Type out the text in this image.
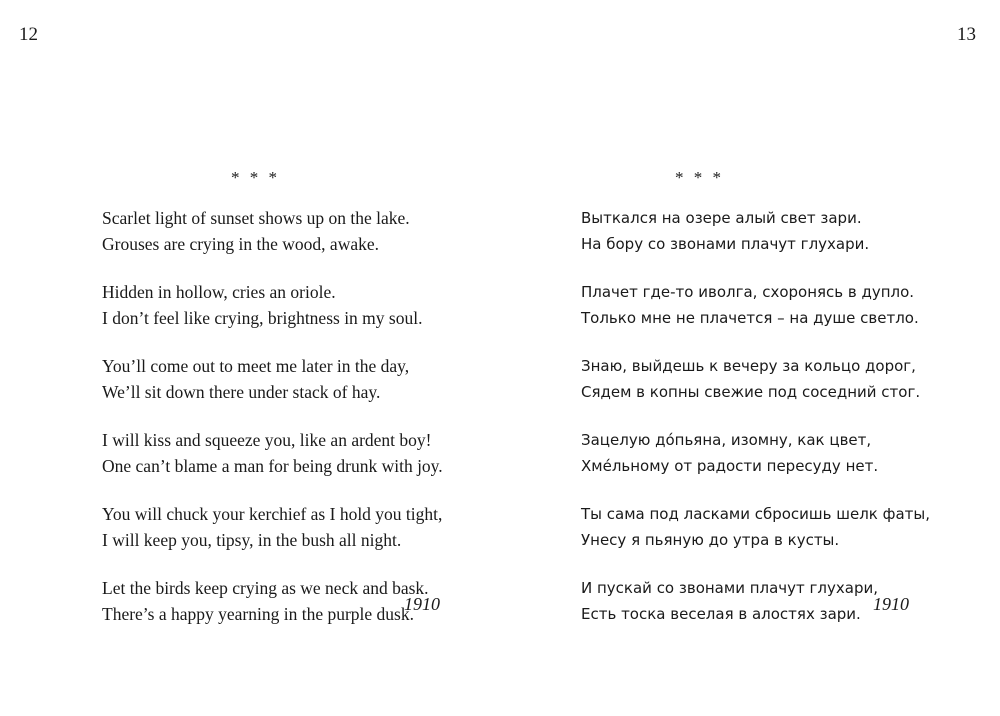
12
* * *
Scarlet light of sunset shows up on the lake.
Grouses are crying in the wood, awake.
Hidden in hollow, cries an oriole.
I don’t feel like crying, brightness in my soul.
You’ll come out to meet me later in the day,
We’ll sit down there under stack of hay.
I will kiss and squeeze you, like an ardent boy!
One can’t blame a man for being drunk with joy.
You will chuck your kerchief as I hold you tight,
I will keep you, tipsy, in the bush all night.
Let the birds keep crying as we neck and bask.
There’s a happy yearning in the purple dusk.
1910
13
* * *
Выткался на озере алый свет зари.
На бору со звонами плачут глухари.
Плачет где-то иволга, схоронясь в дупло.
Только мне не плачется – на душе светло.
Знаю, выйдешь к вечеру за кольцо дорог,
Сядем в копны свежие под соседний стог.
Зацелую до́пьяна, изомну, как цвет,
Хме́льному от радости пересуду нет.
Ты сама под ласками сбросишь шелк фаты,
Унесу я пьяную до утра в кусты.
И пускай со звонами плачут глухари,
Есть тоска веселая в алостях зари. 1910
